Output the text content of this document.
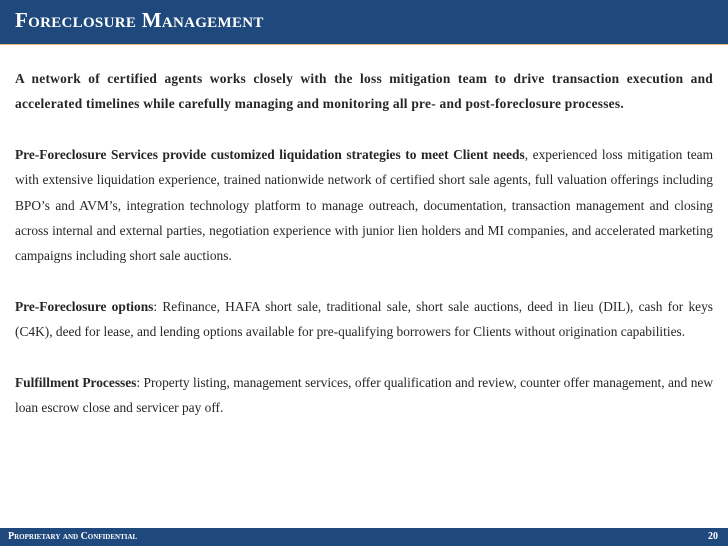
Foreclosure Management

A network of certified agents works closely with the loss mitigation team to drive transaction execution and accelerated timelines while carefully managing and monitoring all pre- and post-foreclosure processes.

Pre-Foreclosure Services provide customized liquidation strategies to meet Client needs, experienced loss mitigation team with extensive liquidation experience, trained nationwide network of certified short sale agents, full valuation offerings including BPO’s and AVM’s, integration technology platform to manage outreach, documentation, transaction management and closing across internal and external parties, negotiation experience with junior lien holders and MI companies, and accelerated marketing campaigns including short sale auctions.

Pre-Foreclosure options: Refinance, HAFA short sale, traditional sale, short sale auctions, deed in lieu (DIL), cash for keys (C4K), deed for lease, and lending options available for pre-qualifying borrowers for Clients without origination capabilities.

Fulfillment Processes: Property listing, management services, offer qualification and review, counter offer management, and new loan escrow close and servicer pay off.

Proprietary and Confidential	20
